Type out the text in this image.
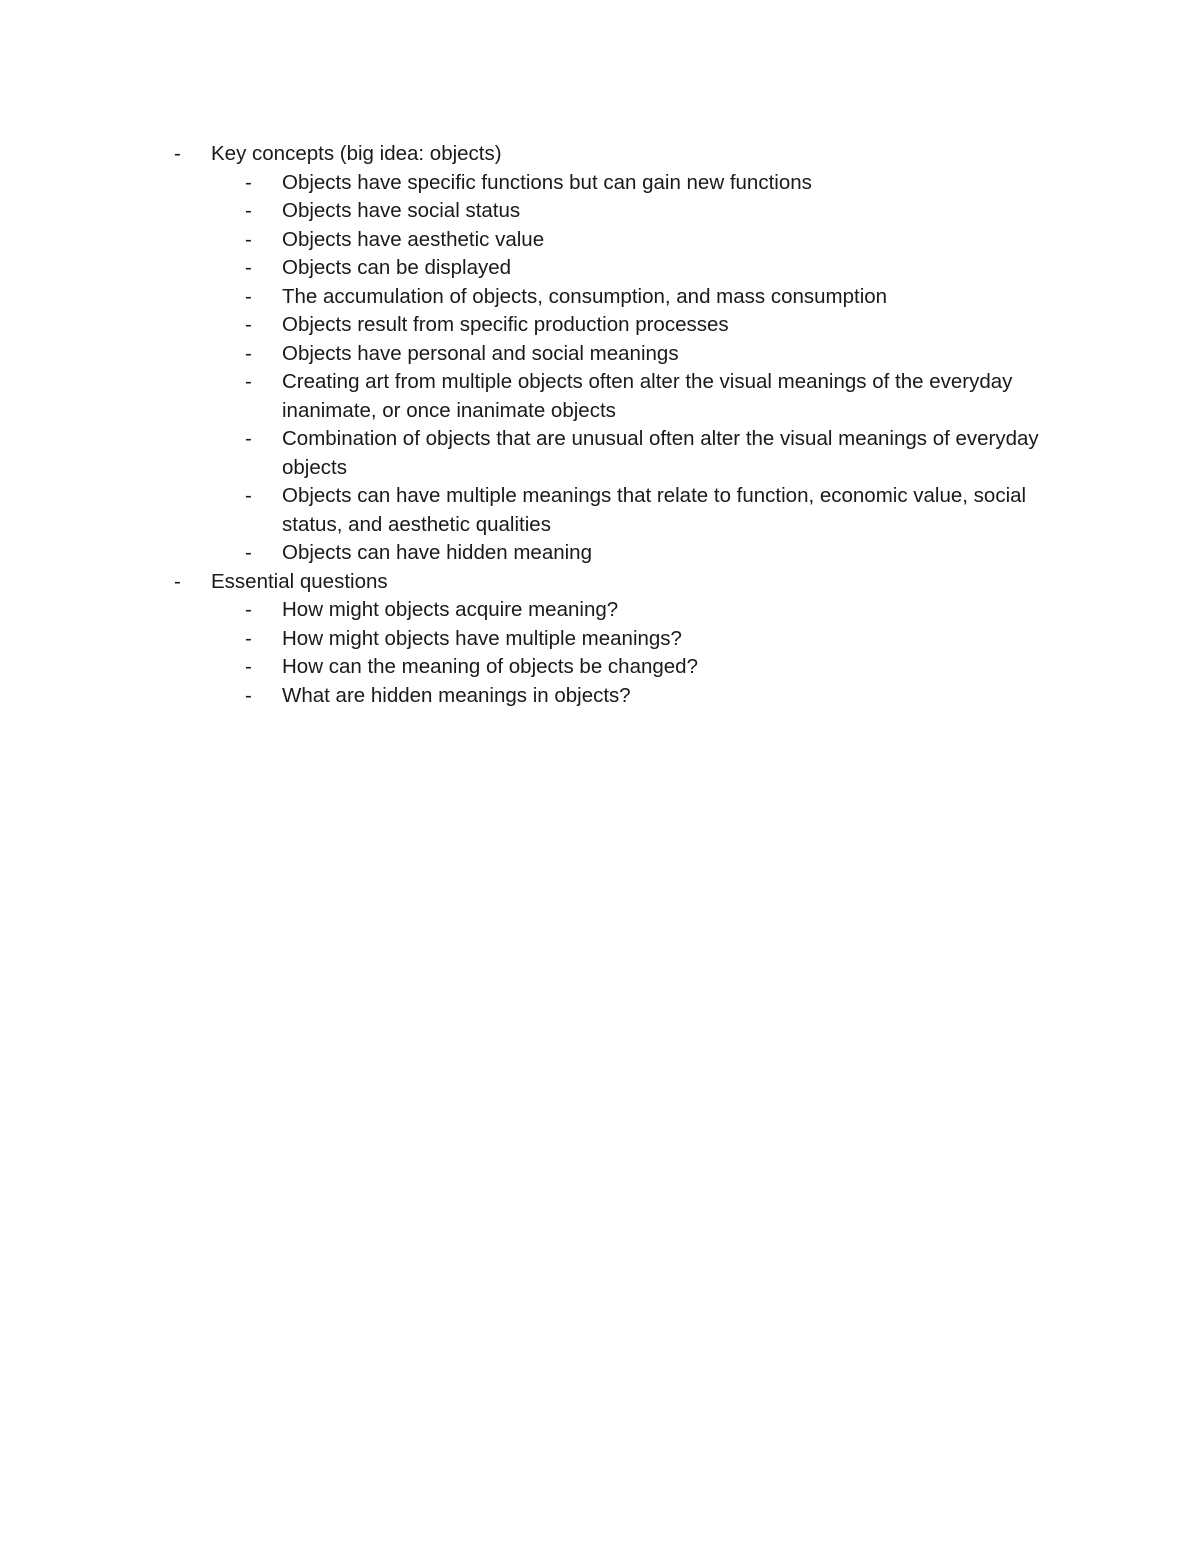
-	Key concepts (big idea: objects)
-	Objects have specific functions but can gain new functions
-	Objects have social status
-	Objects have aesthetic value
-	Objects can be displayed
-	The accumulation of objects, consumption, and mass consumption
-	Objects result from specific production processes
-	Objects have personal and social meanings
-	Creating art from multiple objects often alter the visual meanings of the everyday inanimate, or once inanimate objects
-	Combination of objects that are unusual often alter the visual meanings of everyday objects
-	Objects can have multiple meanings that relate to function, economic value, social status, and aesthetic qualities
-	Objects can have hidden meaning
-	Essential questions
-	How might objects acquire meaning?
-	How might objects have multiple meanings?
-	How can the meaning of objects be changed?
-	What are hidden meanings in objects?
